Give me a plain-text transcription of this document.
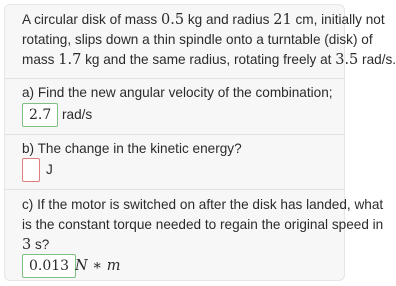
A circular disk of mass 0.5 kg and radius 21 cm, initially not
rotating, slips down a thin spindle onto a turntable (disk) of
mass 1.7 kg and the same radius, rotating freely at 3.5 rad/s.
a) Find the new angular velocity of the combination;
2.7 rad/s
b) The change in the kinetic energy?
J
c) If the motor is switched on after the disk has landed, what
is the constant torque needed to regain the original speed in
3 s?
0.013 N ∗ m
